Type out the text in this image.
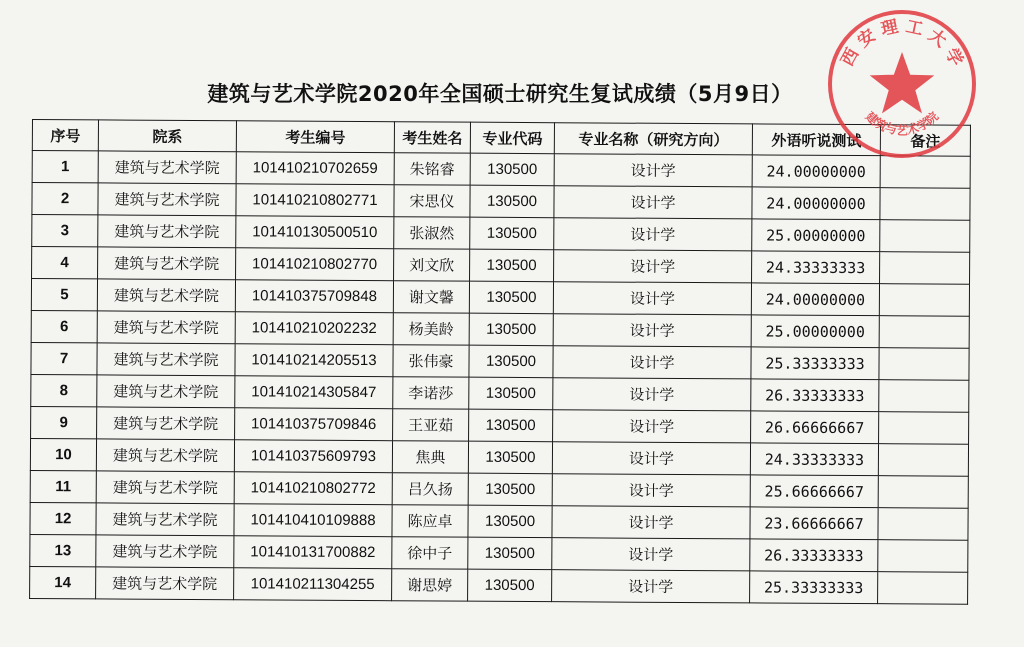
建筑与艺术学院2020年全国硕士研究生复试成绩（5月9日）
序号	院系	考生编号	考生姓名	专业代码	专业名称（研究方向）	外语听说测试	备注
1	建筑与艺术学院	101410210702659	朱铭睿	130500	设计学	24.00000000	
2	建筑与艺术学院	101410210802771	宋思仪	130500	设计学	24.00000000	
3	建筑与艺术学院	101410130500510	张淑然	130500	设计学	25.00000000	
4	建筑与艺术学院	101410210802770	刘文欣	130500	设计学	24.33333333	
5	建筑与艺术学院	101410375709848	谢文馨	130500	设计学	24.00000000	
6	建筑与艺术学院	101410210202232	杨美龄	130500	设计学	25.00000000	
7	建筑与艺术学院	101410214205513	张伟豪	130500	设计学	25.33333333	
8	建筑与艺术学院	101410214305847	李诺莎	130500	设计学	26.33333333	
9	建筑与艺术学院	101410375709846	王亚茹	130500	设计学	26.66666667	
10	建筑与艺术学院	101410375609793	焦典	130500	设计学	24.33333333	
11	建筑与艺术学院	101410210802772	吕久扬	130500	设计学	25.66666667	
12	建筑与艺术学院	101410410109888	陈应卓	130500	设计学	23.66666667	
13	建筑与艺术学院	101410131700882	徐中子	130500	设计学	26.33333333	
14	建筑与艺术学院	101410211304255	谢思婷	130500	设计学	25.33333333	
西 安 理 工 大 学
建筑与艺术学院
